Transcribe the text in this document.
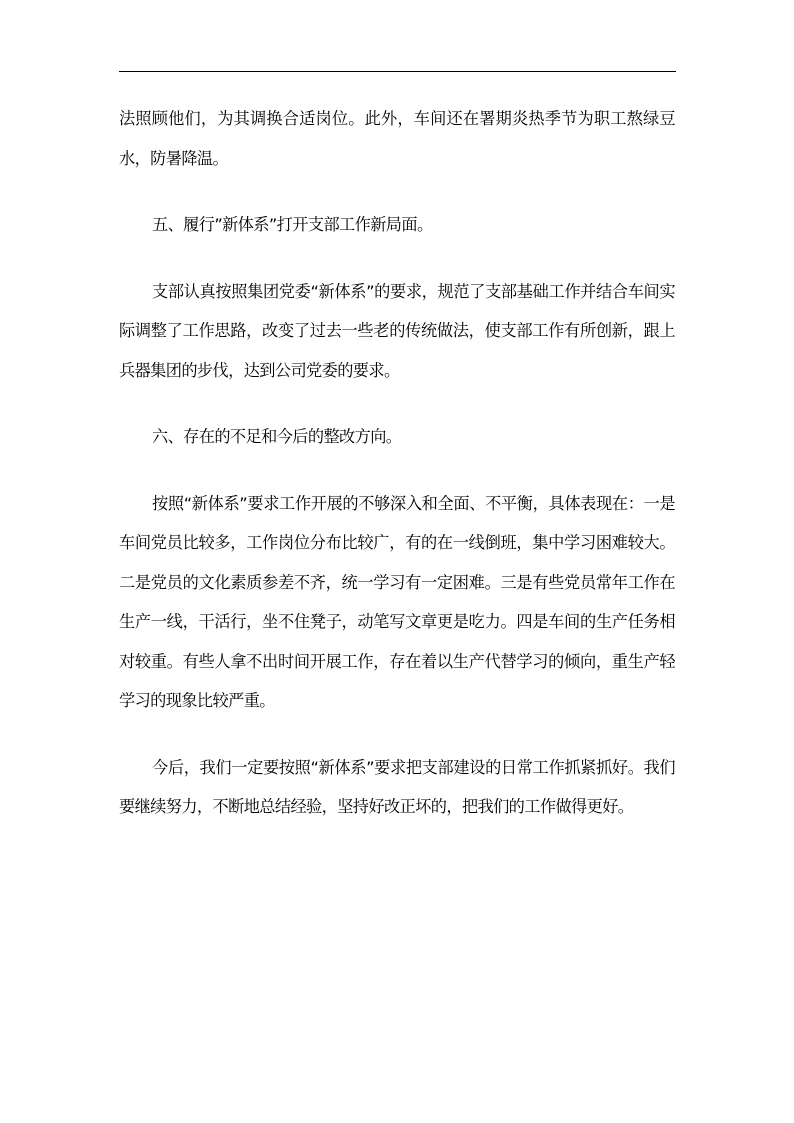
法照顾他们，为其调换合适岗位。此外，车间还在署期炎热季节为职工熬绿豆水，防暑降温。

五、履行”新体系”打开支部工作新局面。

支部认真按照集团党委“新体系”的要求，规范了支部基础工作并结合车间实际调整了工作思路，改变了过去一些老的传统做法，使支部工作有所创新，跟上兵器集团的步伐，达到公司党委的要求。

六、存在的不足和今后的整改方向。

按照“新体系”要求工作开展的不够深入和全面、不平衡，具体表现在：一是车间党员比较多，工作岗位分布比较广，有的在一线倒班，集中学习困难较大。二是党员的文化素质参差不齐，统一学习有一定困难。三是有些党员常年工作在生产一线，干活行，坐不住凳子，动笔写文章更是吃力。四是车间的生产任务相对较重。有些人拿不出时间开展工作，存在着以生产代替学习的倾向，重生产轻学习的现象比较严重。

今后，我们一定要按照“新体系”要求把支部建设的日常工作抓紧抓好。我们要继续努力，不断地总结经验，坚持好改正坏的，把我们的工作做得更好。
